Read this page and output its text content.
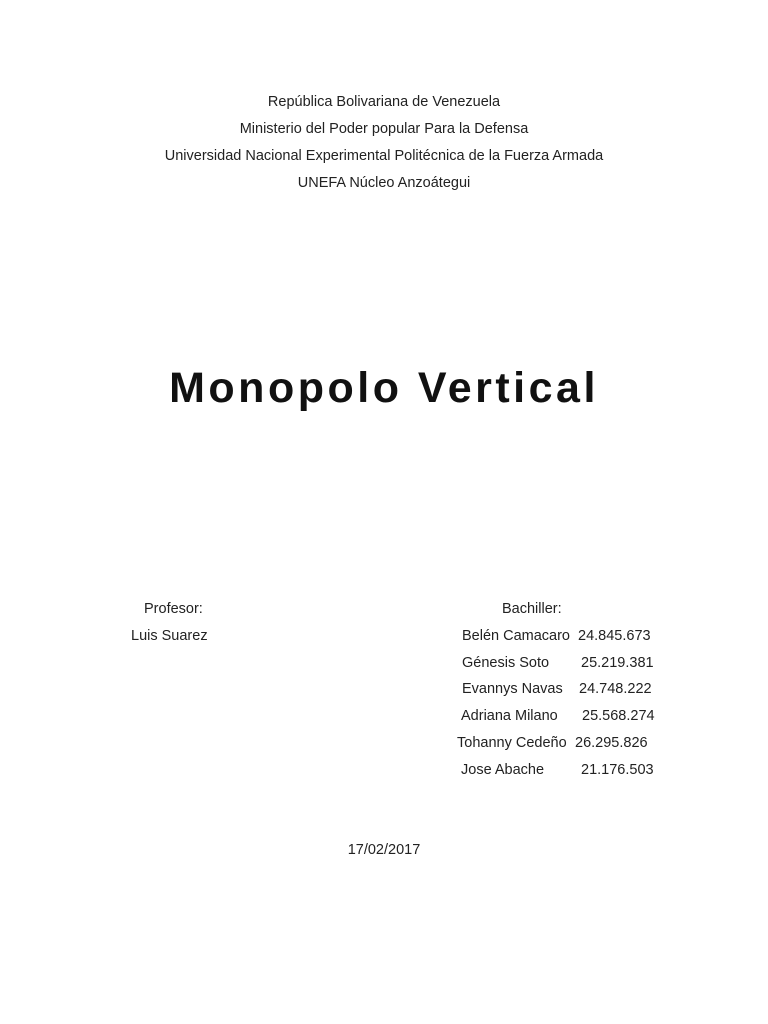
República Bolivariana de Venezuela
Ministerio del Poder popular Para la Defensa
Universidad Nacional Experimental Politécnica de la Fuerza Armada
UNEFA Núcleo Anzoátegui
Monopolo Vertical
Profesor:
Luis Suarez
Bachiller:
Belén Camacaro 24.845.673
Génesis Soto 25.219.381
Evannys Navas 24.748.222
Adriana Milano 25.568.274
Tohanny Cedeño 26.295.826
Jose Abache	21.176.503
17/02/2017
